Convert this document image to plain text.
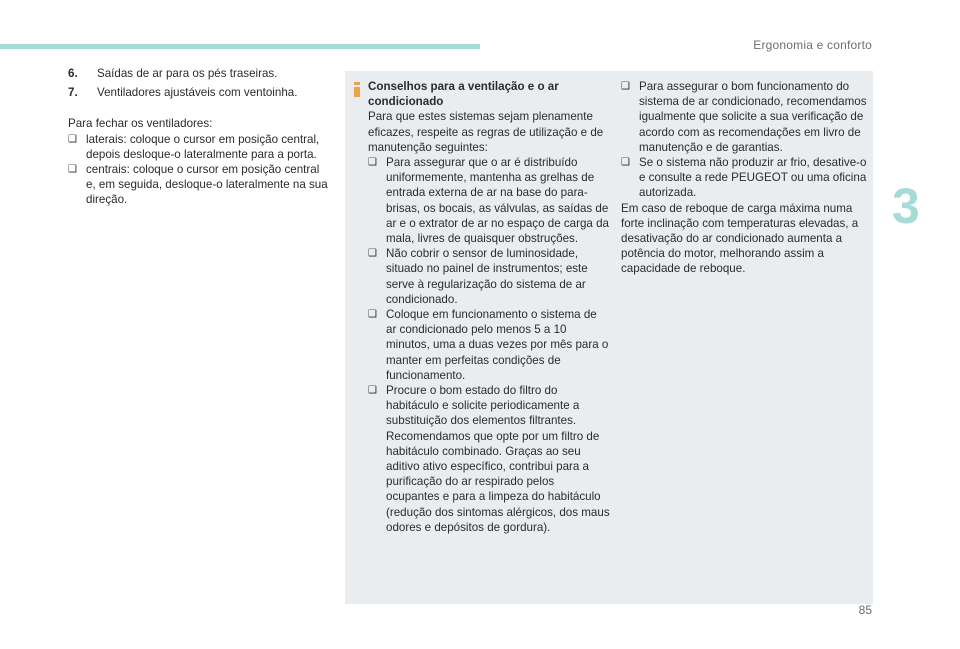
Ergonomia e conforto
3
6.	Saídas de ar para os pés traseiras.
7.	Ventiladores ajustáveis com ventoinha.
Para fechar os ventiladores:
❑ laterais: coloque o cursor em posição central, depois desloque-o lateralmente para a porta.
❑ centrais: coloque o cursor em posição central e, em seguida, desloque-o lateralmente na sua direção.
Conselhos para a ventilação e o ar condicionado

Para que estes sistemas sejam plenamente eficazes, respeite as regras de utilização e de manutenção seguintes:

❑ Para assegurar que o ar é distribuído uniformemente, mantenha as grelhas de entrada externa de ar na base do para-brisas, os bocais, as válvulas, as saídas de ar e o extrator de ar no espaço de carga da mala, livres de quaisquer obstruções.
❑ Não cobrir o sensor de luminosidade, situado no painel de instrumentos; este serve à regularização do sistema de ar condicionado.
❑ Coloque em funcionamento o sistema de ar condicionado pelo menos 5 a 10 minutos, uma a duas vezes por mês para o manter em perfeitas condições de funcionamento.
❑ Procure o bom estado do filtro do habitáculo e solicite periodicamente a substituição dos elementos filtrantes. Recomendamos que opte por um filtro de habitáculo combinado. Graças ao seu aditivo ativo específico, contribui para a purificação do ar respirado pelos ocupantes e para a limpeza do habitáculo (redução dos sintomas alérgicos, dos maus odores e depósitos de gordura).
❑ Para assegurar o bom funcionamento do sistema de ar condicionado, recomendamos igualmente que solicite a sua verificação de acordo com as recomendações em livro de manutenção e de garantias.
❑ Se o sistema não produzir ar frio, desative-o e consulte a rede PEUGEOT ou uma oficina autorizada.

Em caso de reboque de carga máxima numa forte inclinação com temperaturas elevadas, a desativação do ar condicionado aumenta a potência do motor, melhorando assim a capacidade de reboque.

85
